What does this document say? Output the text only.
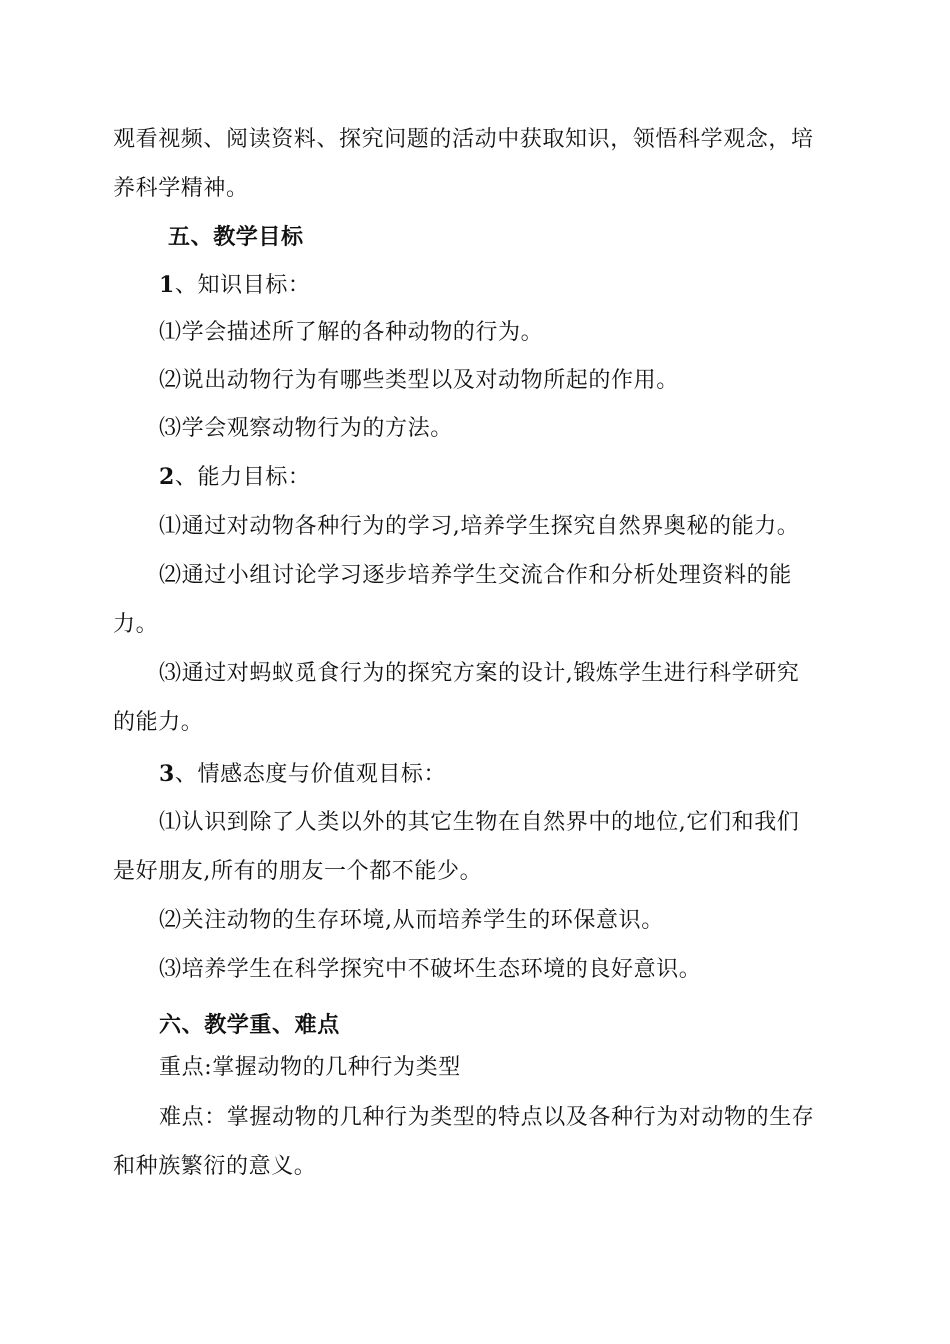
观看视频、阅读资料、探究问题的活动中获取知识，领悟科学观念，培
养科学精神。
五、教学目标
1、知识目标：
⑴学会描述所了解的各种动物的行为。
⑵说出动物行为有哪些类型以及对动物所起的作用。
⑶学会观察动物行为的方法。
2、能力目标：
⑴通过对动物各种行为的学习,培养学生探究自然界奥秘的能力。
⑵通过小组讨论学习逐步培养学生交流合作和分析处理资料的能
力。
⑶通过对蚂蚁觅食行为的探究方案的设计,锻炼学生进行科学研究
的能力。
3、情感态度与价值观目标：
⑴认识到除了人类以外的其它生物在自然界中的地位,它们和我们
是好朋友,所有的朋友一个都不能少。
⑵关注动物的生存环境,从而培养学生的环保意识。
⑶培养学生在科学探究中不破坏生态环境的良好意识。
六、教学重、难点
重点:掌握动物的几种行为类型
难点：掌握动物的几种行为类型的特点以及各种行为对动物的生存
和种族繁衍的意义。
